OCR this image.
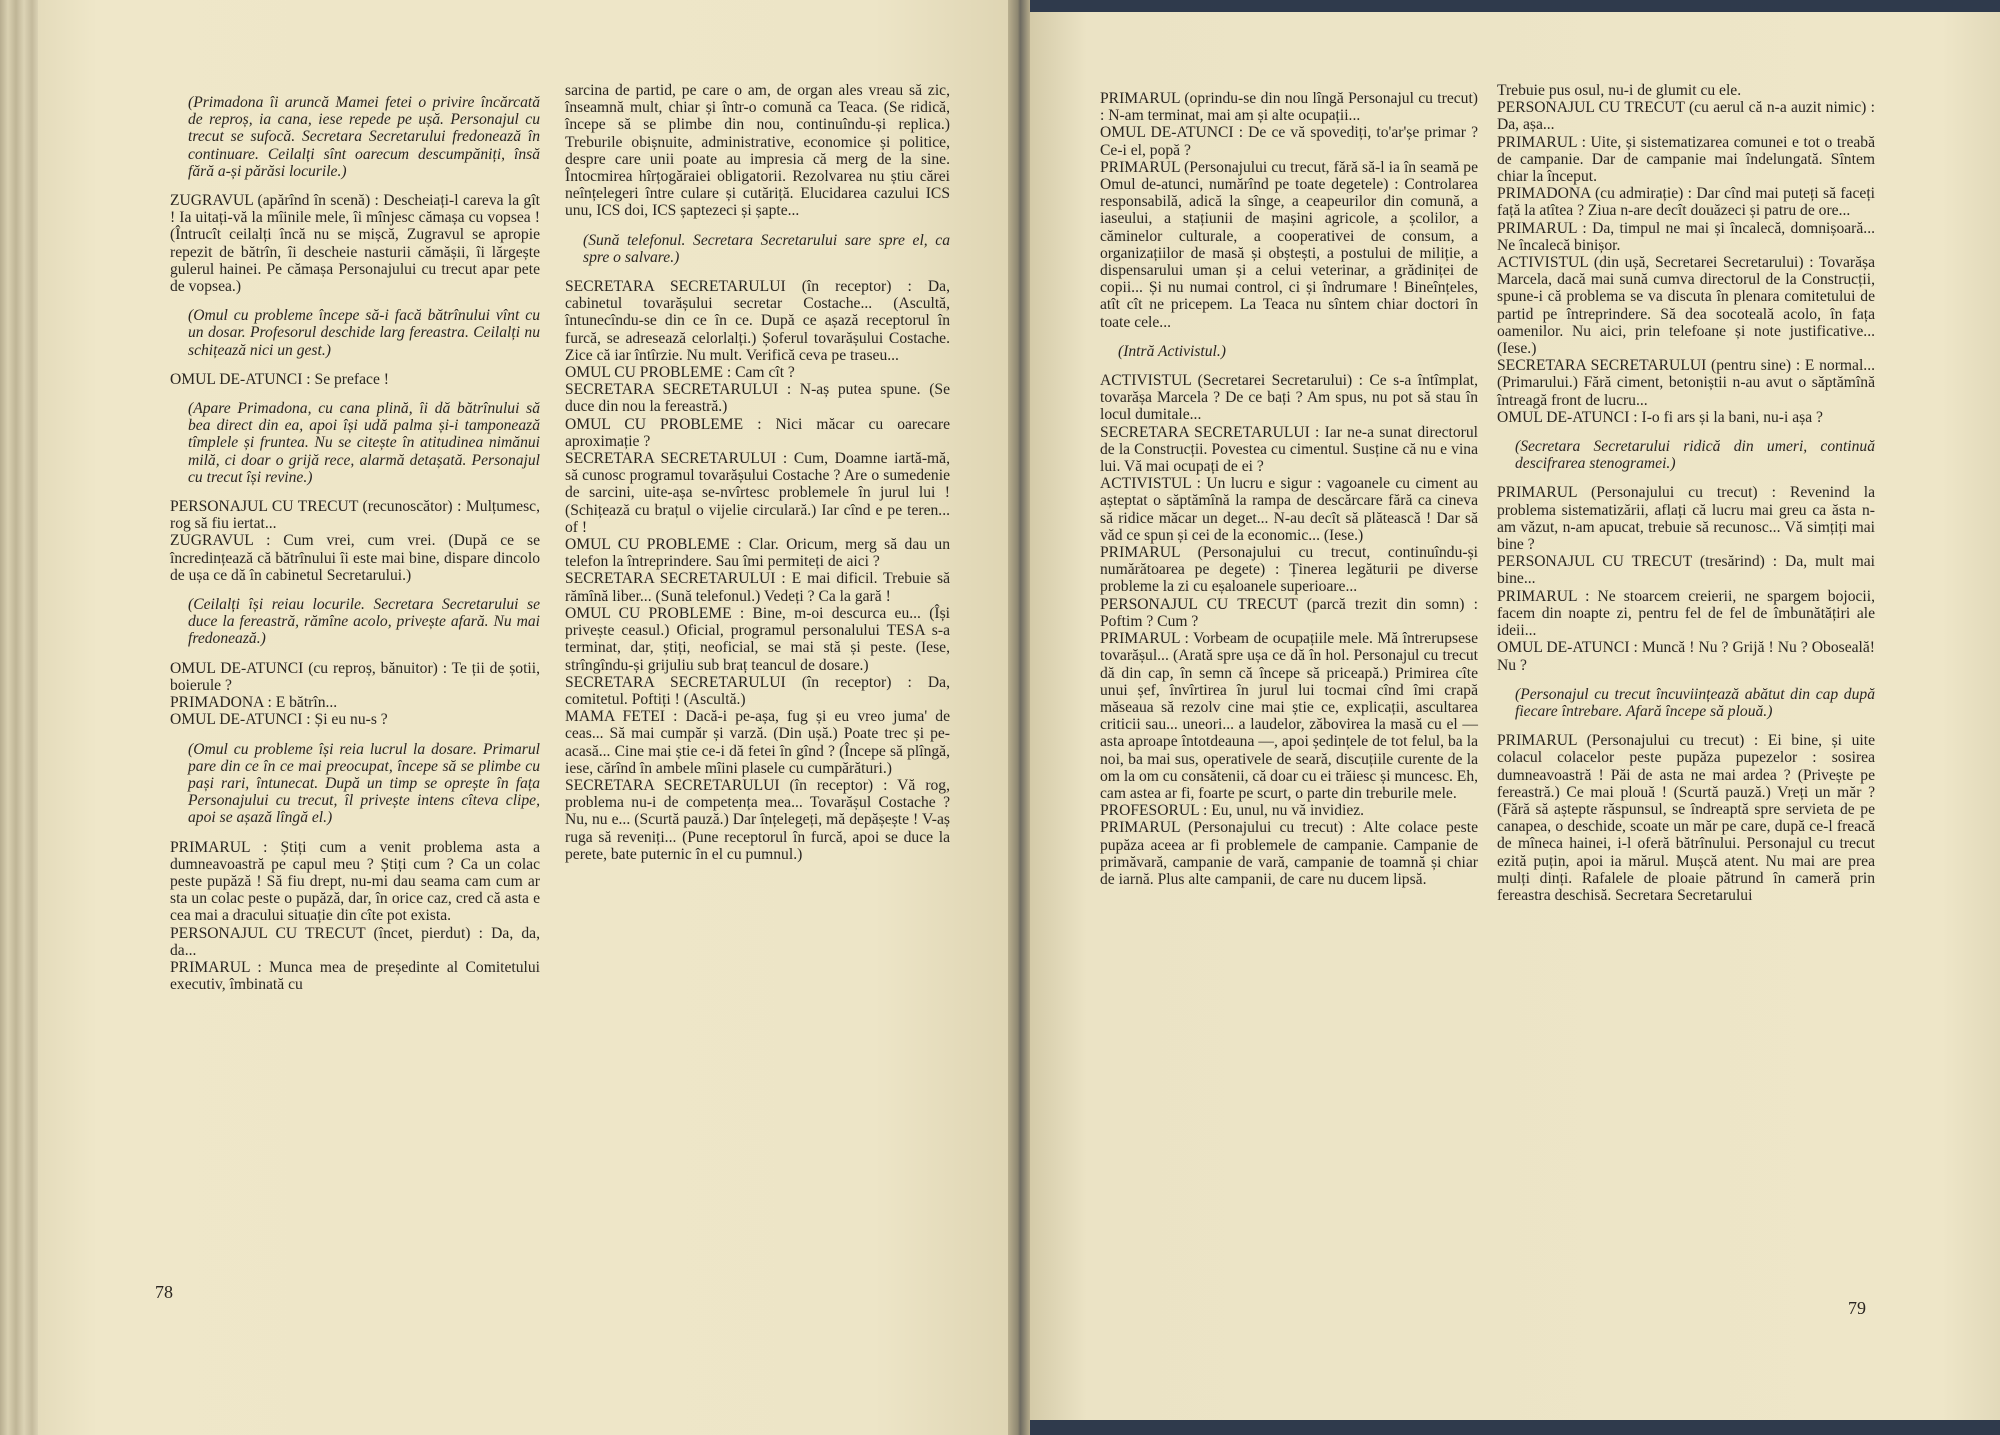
(Primadona îi aruncă Mamei fetei o privire încărcată de reproș, ia cana, iese repede pe ușă. Personajul cu trecut se sufocă. Secretara Secretarului fredonează în continuare. Ceilalți sînt oarecum descumpăniți, însă fără a-și părăsi locurile.)

ZUGRAVUL (apărînd în scenă) : Descheiați-l careva la gît ! Ia uitați-vă la mîinile mele, îi mînjesc cămașa cu vopsea ! (Întrucît ceilalți încă nu se mișcă, Zugravul se apropie repezit de bătrîn, îi descheie nasturii cămășii, îi lărgește gulerul hainei. Pe cămașa Personajului cu trecut apar pete de vopsea.)

(Omul cu probleme începe să-i facă bătrînului vînt cu un dosar. Profesorul deschide larg fereastra. Ceilalți nu schițează nici un gest.)

OMUL DE-ATUNCI : Se preface !

(Apare Primadona, cu cana plină, îi dă bătrînului să bea direct din ea, apoi își udă palma și-i tamponează tîmplele și fruntea. Nu se citește în atitudinea nimănui milă, ci doar o grijă rece, alarmă detașată. Personajul cu trecut își revine.)

PERSONAJUL CU TRECUT (recunoscător) : Mulțumesc, rog să fiu iertat...

ZUGRAVUL : Cum vrei, cum vrei. (După ce se încredințează că bătrînului îi este mai bine, dispare dincolo de ușa ce dă în cabinetul Secretarului.)

(Ceilalți își reiau locurile. Secretara Secretarului se duce la fereastră, rămîne acolo, privește afară. Nu mai fredonează.)

OMUL DE-ATUNCI (cu reproș, bănuitor) : Te ții de șotii, boierule ?

PRIMADONA : E bătrîn...

OMUL DE-ATUNCI : Și eu nu-s ?

(Omul cu probleme își reia lucrul la dosare. Primarul pare din ce în ce mai preocupat, începe să se plimbe cu pași rari, întunecat. După un timp se oprește în fața Personajului cu trecut, îl privește intens cîteva clipe, apoi se așază lîngă el.)

PRIMARUL : Știți cum a venit problema asta a dumneavoastră pe capul meu ? Știți cum ? Ca un colac peste pupăză ! Să fiu drept, nu-mi dau seama cam cum ar sta un colac peste o pupăză, dar, în orice caz, cred că asta e cea mai a dracului situație din cîte pot exista.

PERSONAJUL CU TRECUT (încet, pierdut) : Da, da, da...

PRIMARUL : Munca mea de președinte al Comitetului executiv, îmbinată cu

sarcina de partid, pe care o am, de organ ales vreau să zic, înseamnă mult, chiar și într-o comună ca Teaca. (Se ridică, începe să se plimbe din nou, continuîndu-și replica.) Treburile obișnuite, administrative, economice și politice, despre care unii poate au impresia că merg de la sine. Întocmirea hîrțogăraiei obligatorii. Rezolvarea nu știu cărei neînțelegeri între culare și cutăriță. Elucidarea cazului ICS unu, ICS doi, ICS șaptezeci și șapte...

(Sună telefonul. Secretara Secretarului sare spre el, ca spre o salvare.)

SECRETARA SECRETARULUI (în receptor) : Da, cabinetul tovarășului secretar Costache... (Ascultă, întunecîndu-se din ce în ce. După ce așază receptorul în furcă, se adresează celorlalți.) Șoferul tovarășului Costache. Zice că iar întîrzie. Nu mult. Verifică ceva pe traseu...

OMUL CU PROBLEME : Cam cît ?

SECRETARA SECRETARULUI : N-aș putea spune. (Se duce din nou la fereastră.)

OMUL CU PROBLEME : Nici măcar cu oarecare aproximație ?

SECRETARA SECRETARULUI : Cum, Doamne iartă-mă, să cunosc programul tovarășului Costache ? Are o sumedenie de sarcini, uite-așa se-nvîrtesc problemele în jurul lui ! (Schițează cu brațul o vijelie circulară.) Iar cînd e pe teren... of !

OMUL CU PROBLEME : Clar. Oricum, merg să dau un telefon la întreprindere. Sau îmi permiteți de aici ?

SECRETARA SECRETARULUI : E mai dificil. Trebuie să rămînă liber... (Sună telefonul.) Vedeți ? Ca la gară !

OMUL CU PROBLEME : Bine, m-oi descurca eu... (Își privește ceasul.) Oficial, programul personalului TESA s-a terminat, dar, știți, neoficial, se mai stă și peste. (Iese, strîngîndu-și grijuliu sub braț teancul de dosare.)

SECRETARA SECRETARULUI (în receptor) : Da, comitetul. Poftiți ! (Ascultă.)

MAMA FETEI : Dacă-i pe-așa, fug și eu vreo juma' de ceas... Să mai cumpăr și varză. (Din ușă.) Poate trec și pe-acasă... Cine mai știe ce-i dă fetei în gînd ? (Începe să plîngă, iese, cărînd în ambele mîini plasele cu cumpărături.)

SECRETARA SECRETARULUI (în receptor) : Vă rog, problema nu-i de competența mea... Tovarășul Costache ? Nu, nu e... (Scurtă pauză.) Dar înțelegeți, mă depășește ! V-aș ruga să reveniți... (Pune receptorul în furcă, apoi se duce la perete, bate puternic în el cu pumnul.)

78

PRIMARUL (oprindu-se din nou lîngă Personajul cu trecut) : N-am terminat, mai am și alte ocupații...

OMUL DE-ATUNCI : De ce vă spovediți, to'ar'șe primar ? Ce-i el, popă ?

PRIMARUL (Personajului cu trecut, fără să-l ia în seamă pe Omul de-atunci, numărînd pe toate degetele) : Controlarea responsabilă, adică la sînge, a ceapeurilor din comună, a iaseului, a stațiunii de mașini agricole, a școlilor, a căminelor culturale, a cooperativei de consum, a organizațiilor de masă și obștești, a postului de miliție, a dispensarului uman și a celui veterinar, a grădiniței de copii... Și nu numai control, ci și îndrumare ! Bineînțeles, atît cît ne pricepem. La Teaca nu sîntem chiar doctori în toate cele...

(Intră Activistul.)

ACTIVISTUL (Secretarei Secretarului) : Ce s-a întîmplat, tovarășa Marcela ? De ce bați ? Am spus, nu pot să stau în locul dumitale...

SECRETARA SECRETARULUI : Iar ne-a sunat directorul de la Construcții. Povestea cu cimentul. Susține că nu e vina lui. Vă mai ocupați de ei ?

ACTIVISTUL : Un lucru e sigur : vagoanele cu ciment au așteptat o săptămînă la rampa de descărcare fără ca cineva să ridice măcar un deget... N-au decît să plătească ! Dar să văd ce spun și cei de la economic... (Iese.)

PRIMARUL (Personajului cu trecut, continuîndu-și numărătoarea pe degete) : Ținerea legăturii pe diverse probleme la zi cu eșaloanele superioare...

PERSONAJUL CU TRECUT (parcă trezit din somn) : Poftim ? Cum ?

PRIMARUL : Vorbeam de ocupațiile mele. Mă întrerupsese tovarășul... (Arată spre ușa ce dă în hol. Personajul cu trecut dă din cap, în semn că începe să priceapă.) Primirea cîte unui șef, învîrtirea în jurul lui tocmai cînd îmi crapă măseaua să rezolv cine mai știe ce, explicații, ascultarea criticii sau... uneori... a laudelor, zăbovirea la masă cu el — asta aproape întotdeauna —, apoi ședințele de tot felul, ba la noi, ba mai sus, operativele de seară, discuțiile curente de la om la om cu consătenii, că doar cu ei trăiesc și muncesc. Eh, cam astea ar fi, foarte pe scurt, o parte din treburile mele.

PROFESORUL : Eu, unul, nu vă invidiez.

PRIMARUL (Personajului cu trecut) : Alte colace peste pupăza aceea ar fi problemele de campanie. Campanie de primăvară, campanie de vară, campanie de toamnă și chiar de iarnă. Plus alte campanii, de care nu ducem lipsă.

Trebuie pus osul, nu-i de glumit cu ele.

PERSONAJUL CU TRECUT (cu aerul că n-a auzit nimic) : Da, așa...

PRIMARUL : Uite, și sistematizarea comunei e tot o treabă de campanie. Dar de campanie mai îndelungată. Sîntem chiar la început.

PRIMADONA (cu admirație) : Dar cînd mai puteți să faceți față la atîtea ? Ziua n-are decît douăzeci și patru de ore...

PRIMARUL : Da, timpul ne mai și încalecă, domnișoară... Ne încalecă binișor.

ACTIVISTUL (din ușă, Secretarei Secretarului) : Tovarășa Marcela, dacă mai sună cumva directorul de la Construcții, spune-i că problema se va discuta în plenara comitetului de partid pe întreprindere. Să dea socoteală acolo, în fața oamenilor. Nu aici, prin telefoane și note justificative... (Iese.)

SECRETARA SECRETARULUI (pentru sine) : E normal... (Primarului.) Fără ciment, betoniștii n-au avut o săptămînă întreagă front de lucru...

OMUL DE-ATUNCI : I-o fi ars și la bani, nu-i așa ?

(Secretara Secretarului ridică din umeri, continuă descifrarea stenogramei.)

PRIMARUL (Personajului cu trecut) : Revenind la problema sistematizării, aflați că lucru mai greu ca ăsta n-am văzut, n-am apucat, trebuie să recunosc... Vă simțiți mai bine ?

PERSONAJUL CU TRECUT (tresărind) : Da, mult mai bine...

PRIMARUL : Ne stoarcem creierii, ne spargem bojocii, facem din noapte zi, pentru fel de fel de îmbunătățiri ale ideii...

OMUL DE-ATUNCI : Muncă ! Nu ? Grijă ! Nu ? Oboseală! Nu ?

(Personajul cu trecut încuviințează abătut din cap după fiecare întrebare. Afară începe să plouă.)

PRIMARUL (Personajului cu trecut) : Ei bine, și uite colacul colacelor peste pupăza pupezelor : sosirea dumneavoastră ! Păi de asta ne mai ardea ? (Privește pe fereastră.) Ce mai plouă ! (Scurtă pauză.) Vreți un măr ? (Fără să aștepte răspunsul, se îndreaptă spre servieta de pe canapea, o deschide, scoate un măr pe care, după ce-l freacă de mîneca hainei, i-l oferă bătrînului. Personajul cu trecut ezită puțin, apoi ia mărul. Mușcă atent. Nu mai are prea mulți dinți. Rafalele de ploaie pătrund în cameră prin fereastra deschisă. Secretara Secretarului

79
